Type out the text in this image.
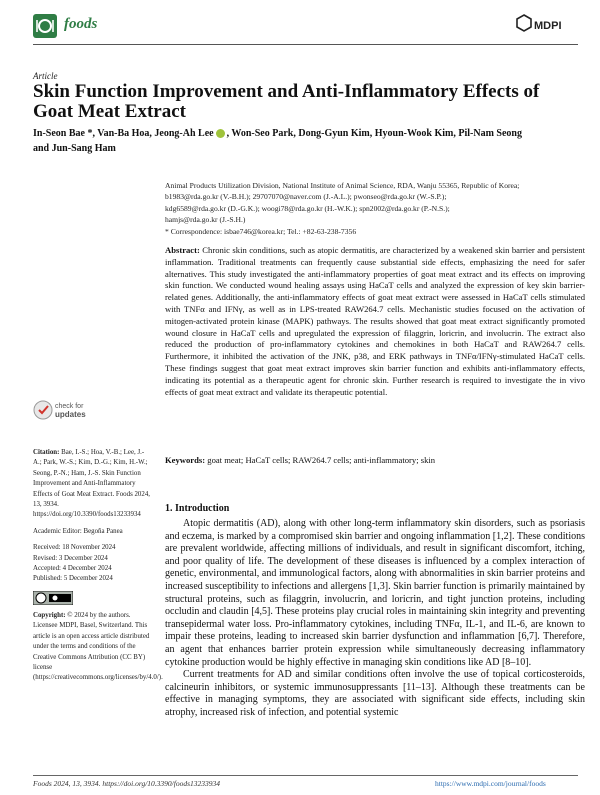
foods	MDPI
Article
Skin Function Improvement and Anti-Inflammatory Effects of Goat Meat Extract
In-Seon Bae *, Van-Ba Hoa, Jeong-Ah Lee , Won-Seo Park, Dong-Gyun Kim, Hyoun-Wook Kim, Pil-Nam Seong
and Jun-Sang Ham

Animal Products Utilization Division, National Institute of Animal Science, RDA, Wanju 55365, Republic of Korea;

b1983@rda.go.kr (V.-B.H.); 29707070@naver.com (J.-A.L.); pwonseo@rda.go.kr (W.-S.P.);

kdg6589@rda.go.kr (D.-G.K.); woogi78@rda.go.kr (H.-W.K.); spn2002@rda.go.kr (P.-N.S.);

hamjs@rda.go.kr (J.-S.H.)

* Correspondence: isbae746@korea.kr; Tel.: +82-63-238-7356

Abstract: Chronic skin conditions, such as atopic dermatitis, are characterized by a weakened skin barrier and persistent inflammation. Traditional treatments can frequently cause substantial side effects, emphasizing the need for safer alternatives. This study investigated the anti-inflammatory properties of goat meat extract and its effects on improving skin function. We conducted wound healing assays using HaCaT cells and analyzed the expression of key skin barrier-related genes. Additionally, the anti-inflammatory effects of goat meat extract were assessed in HaCaT cells stimulated with TNFα and IFNγ, as well as in LPS-treated RAW264.7 cells. Mechanistic studies focused on the activation of mitogen-activated protein kinase (MAPK) pathways. The results showed that goat meat extract significantly promoted wound closure in HaCaT cells and upregulated the expression of filaggrin, loricrin, and involucrin. The extract also reduced the production of pro-inflammatory cytokines and chemokines in both HaCaT and RAW264.7 cells. Furthermore, it inhibited the activation of the JNK, p38, and ERK pathways in TNFα/IFNγ-stimulated HaCaT cells. These findings suggest that goat meat extract improves skin barrier function and exhibits anti-inflammatory effects, indicating its potential as a therapeutic agent for chronic skin. Further research is required to investigate the in vivo effects of goat meat extract and validate its therapeutic potential.
Keywords: goat meat; HaCaT cells; RAW264.7 cells; anti-inflammatory; skin
check for
updates

Citation: Bae, I.-S.; Hoa, V.-B.; Lee, J.-A.; Park, W.-S.; Kim, D.-G.; Kim, H.-W.; Seong, P.-N.; Ham, J.-S. Skin Function Improvement and Anti-Inflammatory Effects of Goat Meat Extract. Foods 2024, 13, 3934. https://doi.org/10.3390/foods13233934

Academic Editor: Begoña Panea

Received: 18 November 2024

Revised: 3 December 2024

Accepted: 4 December 2024

Published: 5 December 2024

Copyright: © 2024 by the authors. Licensee MDPI, Basel, Switzerland. This article is an open access article distributed under the terms and conditions of the Creative Commons Attribution (CC BY) license (https://creativecommons.org/licenses/by/4.0/).

1. Introduction

Atopic dermatitis (AD), along with other long-term inflammatory skin disorders, such as psoriasis and eczema, is marked by a compromised skin barrier and ongoing inflammation [1,2]. These conditions are prevalent worldwide, affecting millions of individuals, and result in significant discomfort, itching, and poor quality of life. The development of these diseases is influenced by a complex interaction of genetic, environmental, and immunological factors, along with abnormalities in skin barrier proteins and increased susceptibility to infections and allergens [1,3]. Skin barrier function is primarily maintained by structural proteins, such as filaggrin, involucrin, and loricrin, and tight junction proteins, including occludin and claudin [4,5]. These proteins play crucial roles in maintaining skin integrity and preventing transepidermal water loss. Pro-inflammatory cytokines, including TNFα, IL-1, and IL-6, are known to impair these proteins, leading to increased skin barrier dysfunction and inflammation [6,7]. Therefore, an agent that enhances barrier protein expression while simultaneously decreasing inflammatory cytokine production would be highly effective in managing skin conditions like AD [8–10].

Current treatments for AD and similar conditions often involve the use of topical corticosteroids, calcineurin inhibitors, or systemic immunosuppressants [11–13]. Although these treatments can be effective in managing symptoms, they are associated with significant side effects, including skin atrophy, increased risk of infection, and potential systemic

Foods 2024, 13, 3934. https://doi.org/10.3390/foods13233934	https://www.mdpi.com/journal/foods
